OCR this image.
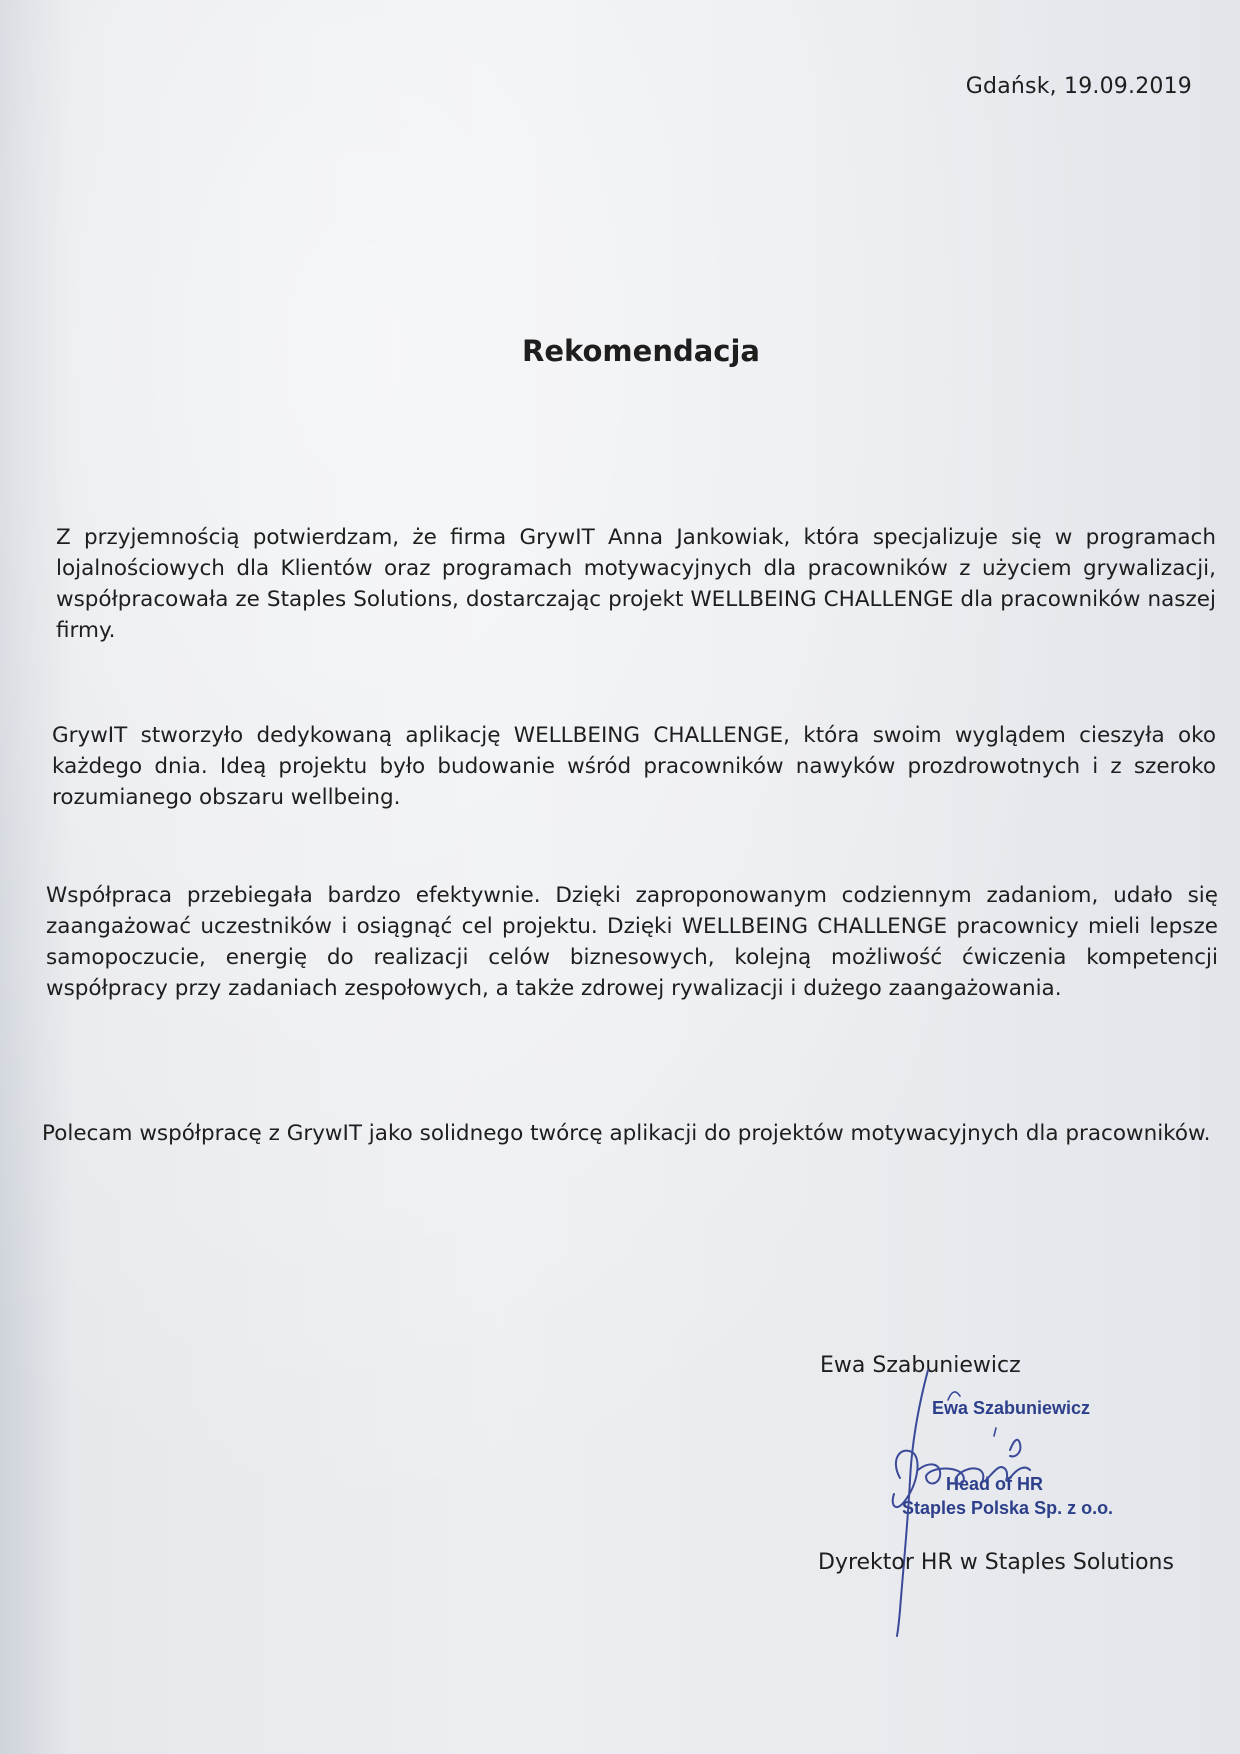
Gdańsk, 19.09.2019
Rekomendacja
Z przyjemnością potwierdzam, że firma GrywIT Anna Jankowiak, która specjalizuje się w programach lojalnościowych dla Klientów oraz programach motywacyjnych dla pracowników z użyciem grywalizacji, współpracowała ze Staples Solutions, dostarczając projekt WELLBEING CHALLENGE dla pracowników naszej firmy.
GrywIT stworzyło dedykowaną aplikację WELLBEING CHALLENGE, która swoim wyglądem cieszyła oko każdego dnia. Ideą projektu było budowanie wśród pracowników nawyków prozdrowotnych i z szeroko rozumianego obszaru wellbeing.
Współpraca przebiegała bardzo efektywnie. Dzięki zaproponowanym codziennym zadaniom, udało się zaangażować uczestników i osiągnąć cel projektu. Dzięki WELLBEING CHALLENGE pracownicy mieli lepsze samopoczucie, energię do realizacji celów biznesowych, kolejną możliwość ćwiczenia kompetencji współpracy przy zadaniach zespołowych, a także zdrowej rywalizacji i dużego zaangażowania.
Polecam współpracę z GrywIT jako solidnego twórcę aplikacji do projektów motywacyjnych dla pracowników.
Ewa Szabuniewicz
Ewa Szabuniewicz
Head of HR
Staples Polska Sp. z o.o.
Dyrektor HR w Staples Solutions
